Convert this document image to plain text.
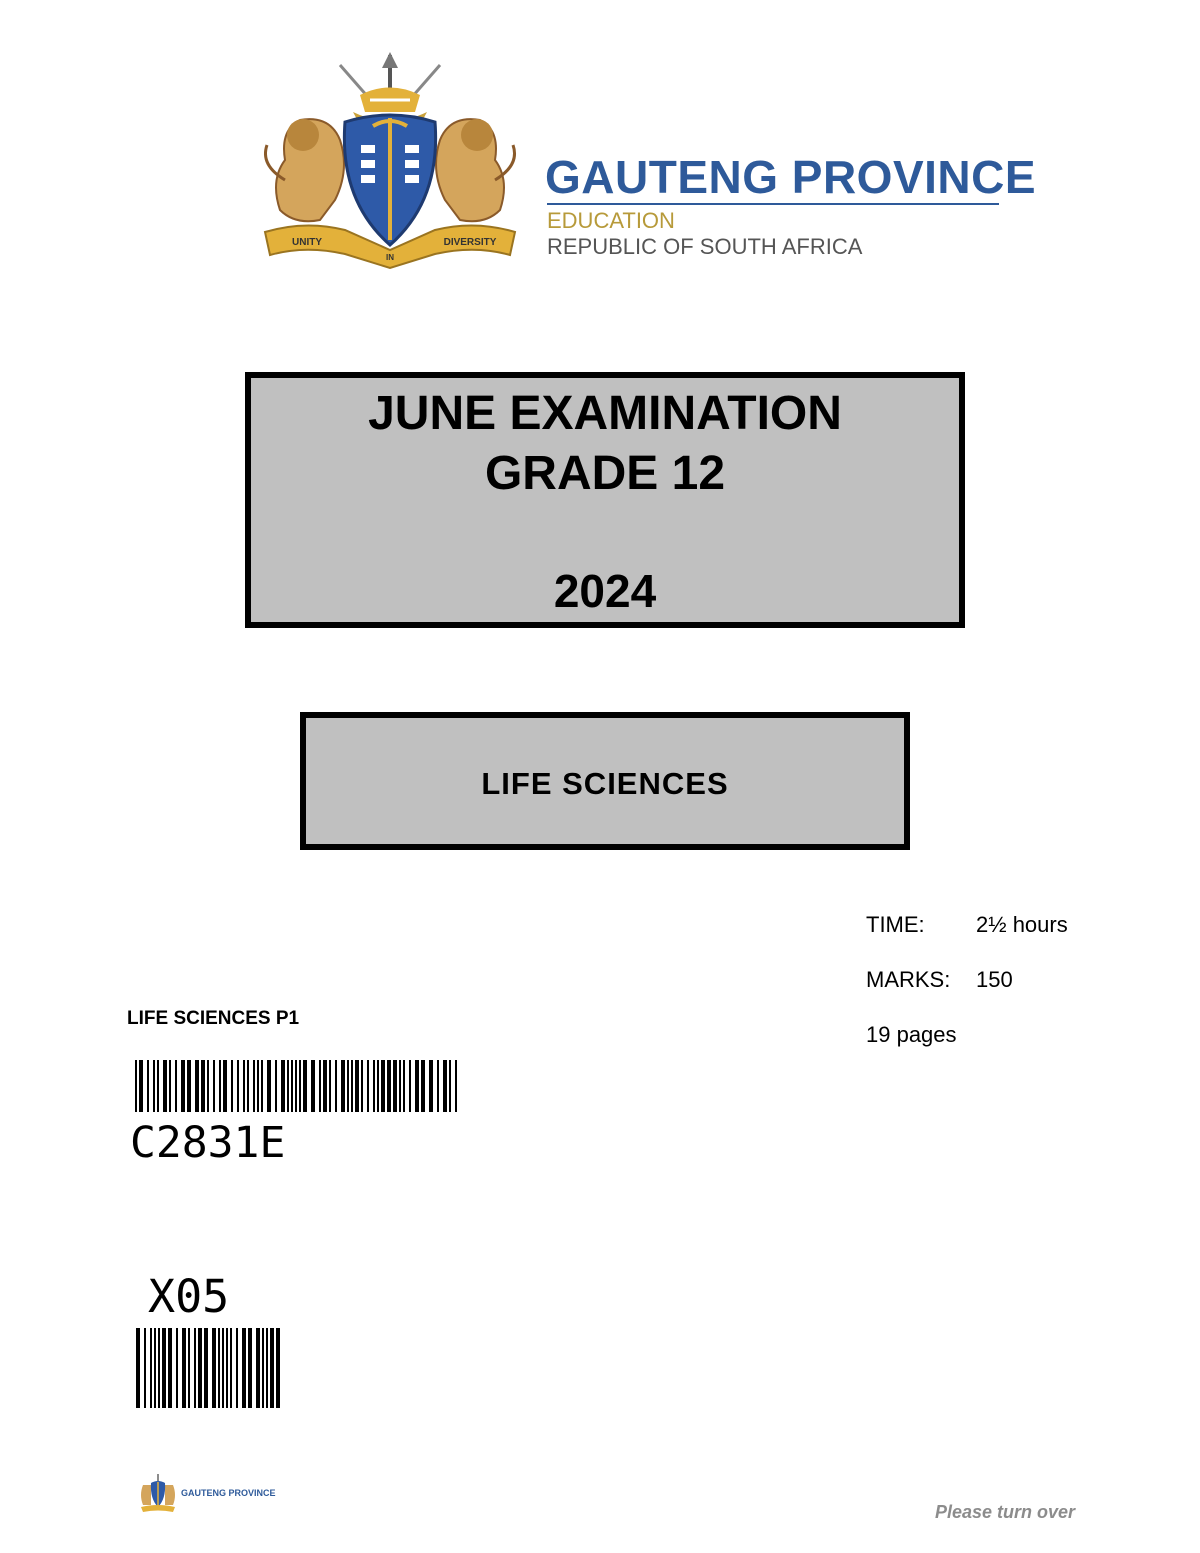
UNITY
IN
DIVERSITY
GAUTENG PROVINCE
EDUCATION
REPUBLIC OF SOUTH AFRICA
JUNE EXAMINATION
GRADE 12
2024
LIFE SCIENCES
TIME: 2½ hours
MARKS: 150
19 pages
LIFE SCIENCES P1
C2831E
X05
GAUTENG PROVINCE
Please turn over
